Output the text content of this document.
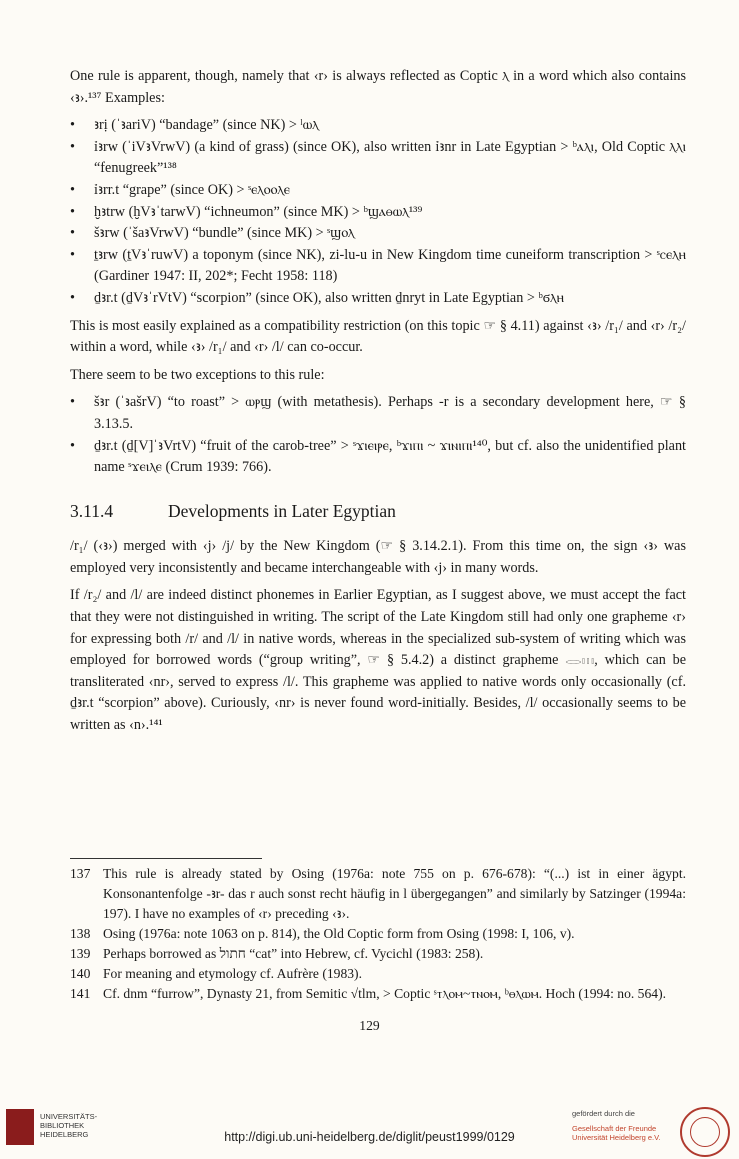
One rule is apparent, though, namely that ‹r› is always reflected as Coptic ⲗ in a word which also contains ‹ꜣ›.¹³⁷ Examples:

• ꜣrị (ˈꜣariV) “bandage” (since NK) > ˡⲱⲗ
• ỉꜣrw (ˈiVꜣVrwV) (a kind of grass) (since OK), also written ỉꜣnr in Late Egyptian > ᵇⲁⲗⲓ, Old Coptic ⲗⲗⲓ “fenugreek”¹³⁸
• ỉꜣrr.t “grape” (since OK) > ˢⲉⲗⲟⲟⲗⲉ
• ḫꜣtrw (ḫVꜣˈtarwV) “ichneumon” (since MK) > ᵇϣⲁⲑⲱⲗ¹³⁹
• šꜣrw (ˈšaꜣVrwV) “bundle” (since MK) > ˢϣⲟⲗ
• ṯꜣrw (ṯVꜣˈruwV) a toponym (since NK), zi-lu-u in New Kingdom time cuneiform transcription > ˢⲥⲉⲗⲏ (Gardiner 1947: II, 202*; Fecht 1958: 118)
• ḏꜣr.t (ḏVꜣˈrVtV) “scorpion” (since OK), also written ḏnryt in Late Egyptian > ᵇϭⲗⲏ

This is most easily explained as a compatibility restriction (on this topic ☞ § 4.11) against ‹ꜣ› /r₁/ and ‹r› /r₂/ within a word, while ‹ꜣ› /r₁/ and ‹r› /l/ can co-occur.

There seem to be two exceptions to this rule:

• šꜣr (ˈꜣašrV) “to roast” > ⲱⲣϣ (with metathesis). Perhaps -r is a secondary development here, ☞ § 3.13.5.
• ḏꜣr.t (ḏ[V]ˈꜣVrtV) “fruit of the carob-tree” > ˢϫⲓⲉⲓⲣⲉ, ᵇϫⲓⲡⲓ ~ ϫⲓⲛⲓⲡⲓ¹⁴⁰, but cf. also the unidentified plant name ˢϫⲉⲓⲗⲉ (Crum 1939: 766).
3.11.4	Developments in Later Egyptian

/r₁/ (‹ꜣ›) merged with ‹j› /j/ by the New Kingdom (☞ § 3.14.2.1). From this time on, the sign ‹ꜣ› was employed very inconsistently and became interchangeable with ‹j› in many words.

If /r₂/ and /l/ are indeed distinct phonemes in Earlier Egyptian, as I suggest above, we must accept the fact that they were not distinguished in writing. The script of the Late Kingdom still had only one grapheme ‹r› for expressing both /r/ and /l/ in native words, whereas in the specialized sub-system of writing which was employed for borrowed words (“group writing”, ☞ § 5.4.2) a distinct grapheme 𓂋𓏥, which can be transliterated ‹nr›, served to express /l/. This grapheme was applied to native words only occasionally (cf. ḏꜣr.t “scorpion” above). Curiously, ‹nr› is never found word-initially. Besides, /l/ occasionally seems to be written as ‹n›.¹⁴¹

137 This rule is already stated by Osing (1976a: note 755 on p. 676-678): “(...) ist in einer ägypt. Konsonantenfolge -ꜣr- das r auch sonst recht häufig in l übergegangen” and similarly by Satzinger (1994a: 197). I have no examples of ‹r› preceding ‹ꜣ›.
138 Osing (1976a: note 1063 on p. 814), the Old Coptic form from Osing (1998: I, 106, v).
139 Perhaps borrowed as חתול “cat” into Hebrew, cf. Vycichl (1983: 258).
140 For meaning and etymology cf. Aufrère (1983).
141 Cf. dnm “furrow”, Dynasty 21, from Semitic √tlm, > Coptic ˢⲧⲗⲟⲙ~ⲧⲛⲟⲙ, ᵇⲑⲗⲱⲙ. Hoch (1994: no. 564).
129
UNIVERSITÄTS-
BIBLIOTHEK
HEIDELBERG	http://digi.ub.uni-heidelberg.de/diglit/peust1999/0129
gefördert durch die
Gesellschaft der Freunde
Universität Heidelberg e.V.
